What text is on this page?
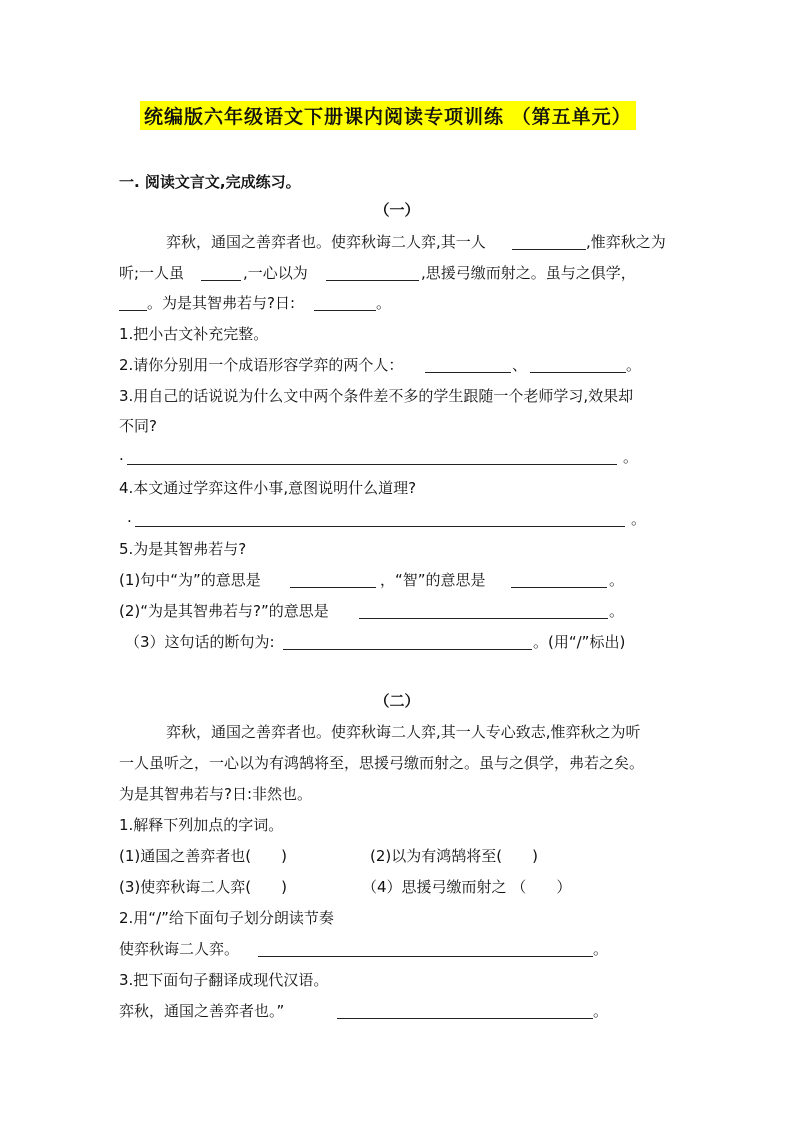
统编版六年级语文下册课内阅读专项训练 （第五单元）
一. 阅读文言文,完成练习。
（一）
弈秋，通国之善弈者也。使弈秋诲二人弈,其一人	,惟弈秋之为
听;一人虽	,一心以为	,思援弓缴而射之。虽与之俱学，
。为是其智弗若与?日:	。
1.把小古文补充完整。
2.请你分别用一个成语形容学弈的两个人：	、	。
3.用自己的话说说为什么文中两个条件差不多的学生跟随一个老师学习,效果却
不同?
.	。
4.本文通过学弈这件小事,意图说明什么道理?
.	。
5.为是其智弗若与?
(1)句中“为”的意思是	，“智”的意思是	。
(2)“为是其智弗若与?”的意思是	。
（3）这句话的断句为:	。(用“/”标出)
（二）
弈秋，通国之善弈者也。使弈秋诲二人弈,其一人专心致志,惟弈秋之为听
一人虽听之，一心以为有鸿鹄将至，思援弓缴而射之。虽与之俱学，弗若之矣。
为是其智弗若与?日:非然也。
1.解释下列加点的字词。
(1)通国之善弈者也(　　)	(2)以为有鸿鹄将至(　　)
(3)使弈秋诲二人弈(　　)	（4）思援弓缴而射之 （　　）
2.用“/”给下面句子划分朗读节奏
使弈秋诲二人弈。	。
3.把下面句子翻译成现代汉语。
弈秋，通国之善弈者也。”	。
